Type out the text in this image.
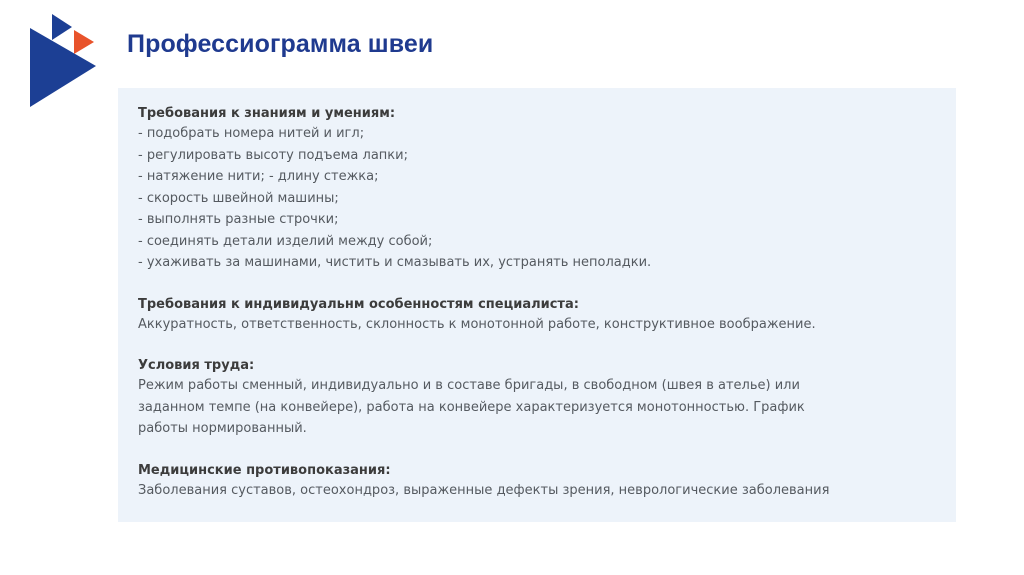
Профессиограмма швеи

Требования к знаниям и умениям:

- подобрать номера нитей и игл;

- регулировать высоту подъема лапки;

- натяжение нити; - длину стежка;

- скорость швейной машины;

- выполнять разные строчки;

- соединять детали изделий между собой;

- ухаживать за машинами, чистить и смазывать их, устранять неполадки.

Требования к индивидуальнм особенностям специалиста:

Аккуратность, ответственность, склонность к монотонной работе, конструктивное воображение.

Условия труда:

Режим работы сменный, индивидуально и в составе бригады, в свободном (швея в ателье) или

заданном темпе (на конвейере), работа на конвейере характеризуется монотонностью. График

работы нормированный.

Медицинские противопоказания:

Заболевания суставов, остеохондроз, выраженные дефекты зрения, неврологические заболевания
